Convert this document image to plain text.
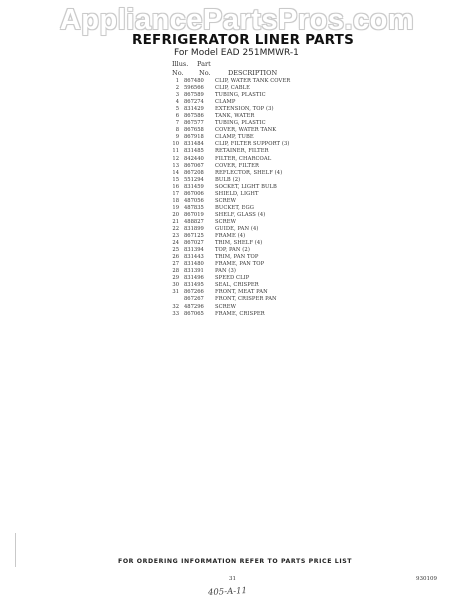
AppliancePartsPros.com
REFRIGERATOR LINER PARTS
For Model EAD 251MMWR-1
Illus. Part
No. No.	DESCRIPTION
1 867480	CLIP, WATER TANK COVER
2 596566	CLIP, CABLE
3 867589	TUBING, PLASTIC
4 867274	CLAMP
5 831429	EXTENSION, TOP (3)
6 867586	TANK, WATER
7 867577	TUBING, PLASTIC
8 867658	COVER, WATER TANK
9 867918	CLAMP, TUBE
10 831484	CLIP, FILTER SUPPORT (3)
11 831485	RETAINER, FILTER
12 842440	FILTER, CHARCOAL
13 867067	COVER, FILTER
14 867208	REFLECTOR, SHELF (4)
15 551294	BULB (2)
16 831459	SOCKET, LIGHT BULB
17 867006	SHIELD, LIGHT
18 487056	SCREW
19 487835	BUCKET, EGG
20 867019	SHELF, GLASS (4)
21 488827	SCREW
22 831899	GUIDE, PAN (4)
23 867125	FRAME (4)
24 867027	TRIM, SHELF (4)
25 831394	TOP, PAN (2)
26 831443	TRIM, PAN TOP
27 831480	FRAME, PAN TOP
28 831391	PAN (3)
29 831496	SPEED CLIP
30 831495	SEAL, CRISPER
31 867266	FRONT, MEAT PAN
867267	FRONT, CRISPER PAN
32 487296	SCREW
33 867065	FRAME, CRISPER
FOR ORDERING INFORMATION REFER TO PARTS PRICE LIST
31	930109
405-A-11
